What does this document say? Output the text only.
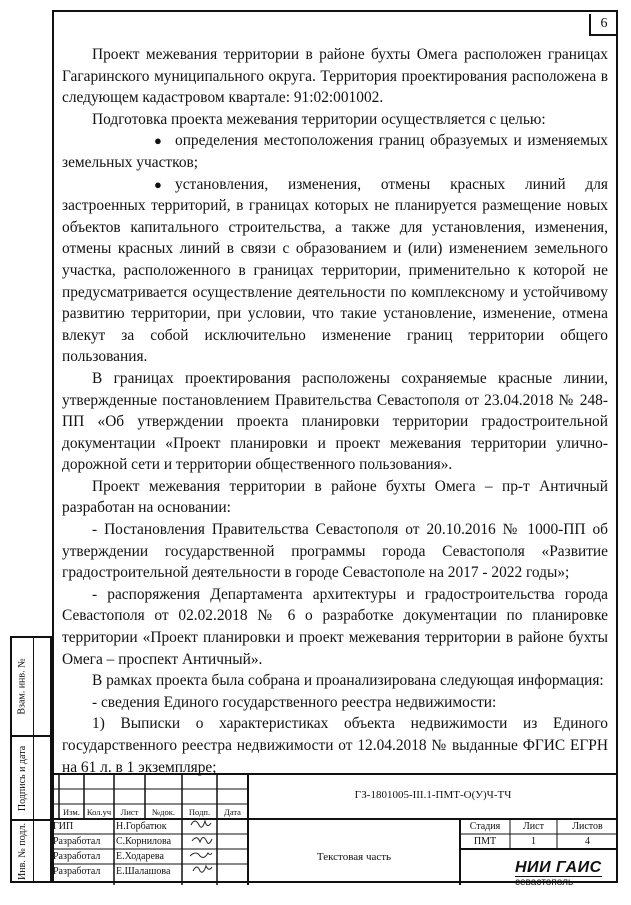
6

Проект межевания территории в районе бухты Омега расположен границах Гагаринского муниципального округа. Территория проектирования расположена в следующем кадастровом квартале: 91:02:001002.

Подготовка проекта межевания территории осуществляется с целью:

● определения местоположения границ образуемых и изменяемых земельных участков;

● установления, изменения, отмены красных линий для застроенных территорий, в границах которых не планируется размещение новых объектов капитального строительства, а также для установления, изменения, отмены красных линий в связи с образованием и (или) изменением земельного участка, расположенного в границах территории, применительно к которой не предусматривается осуществление деятельности по комплексному и устойчивому развитию территории, при условии, что такие установление, изменение, отмена влекут за собой исключительно изменение границ территории общего пользования.

В границах проектирования расположены сохраняемые красные линии, утвержденные постановлением Правительства Севастополя от 23.04.2018 № 248-ПП «Об утверждении проекта планировки территории градостроительной документации «Проект планировки и проект межевания территории улично-дорожной сети и территории общественного пользования».

Проект межевания территории в районе бухты Омега – пр-т Античный разработан на основании:

- Постановления Правительства Севастополя от 20.10.2016 № 1000-ПП об утверждении государственной программы города Севастополя «Развитие градостроительной деятельности в городе Севастополе на 2017 - 2022 годы»;

- распоряжения Департамента архитектуры и градостроительства города Севастополя от 02.02.2018 № 6 о разработке документации по планировке территории «Проект планировки и проект межевания территории в районе бухты Омега – проспект Античный».

В рамках проекта была собрана и проанализирована следующая информация:

- сведения Единого государственного реестра недвижимости:

1) Выписки о характеристиках объекта недвижимости из Единого государственного реестра недвижимости от 12.04.2018 № выданные ФГИС ЕГРН на 61 л. в 1 экземпляре;

Взам. инв. №
Подпись и дата
Инв. № подл.
Изм. Кол.уч	Лист	№док.	Подп.	Дата
ГИП	Н.Горбатюк
Разработал С.Корнилова
Разработал Е.Ходарева
Разработал Е.Шалашова
ГЗ-1801005-III.1-ПМТ-О(У)Ч-ТЧ
Текстовая часть
Стадия	Лист	Листов
ПМТ	1	4
НИИ ГАИС
севастополь
